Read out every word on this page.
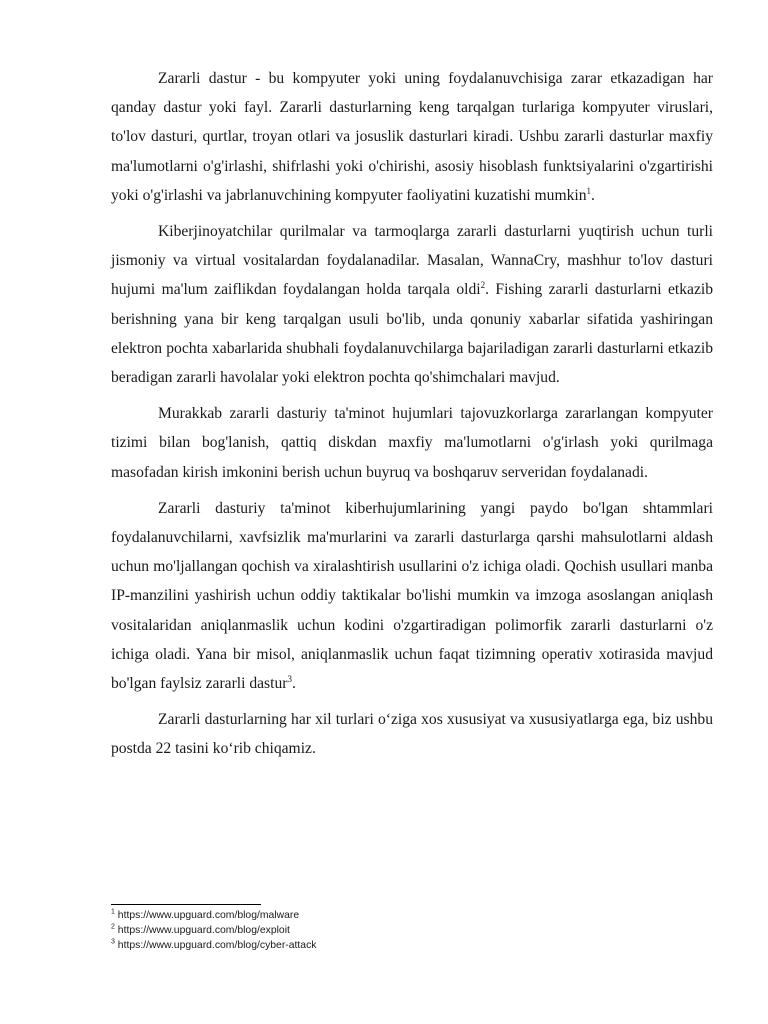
Zararli dastur - bu kompyuter yoki uning foydalanuvchisiga zarar etkazadigan har qanday dastur yoki fayl. Zararli dasturlarning keng tarqalgan turlariga kompyuter viruslari, to'lov dasturi, qurtlar, troyan otlari va josuslik dasturlari kiradi. Ushbu zararli dasturlar maxfiy ma'lumotlarni o'g'irlashi, shifrlashi yoki o'chirishi, asosiy hisoblash funktsiyalarini o'zgartirishi yoki o'g'irlashi va jabrlanuvchining kompyuter faoliyatini kuzatishi mumkin$^1$.

Kiberjinoyatchilar qurilmalar va tarmoqlarga zararli dasturlarni yuqtirish uchun turli jismoniy va virtual vositalardan foydalanadilar. Masalan, WannaCry, mashhur to'lov dasturi hujumi ma'lum zaiflikdan foydalangan holda tarqala oldi$^2$. Fishing zararli dasturlarni etkazib berishning yana bir keng tarqalgan usuli bo'lib, unda qonuniy xabarlar sifatida yashiringan elektron pochta xabarlarida shubhali foydalanuvchilarga bajariladigan zararli dasturlarni etkazib beradigan zararli havolalar yoki elektron pochta qo'shimchalari mavjud.

Murakkab zararli dasturiy ta'minot hujumlari tajovuzkorlarga zararlangan kompyuter tizimi bilan bog'lanish, qattiq diskdan maxfiy ma'lumotlarni o'g'irlash yoki qurilmaga masofadan kirish imkonini berish uchun buyruq va boshqaruv serveridan foydalanadi.

Zararli dasturiy ta'minot kiberhujumlarining yangi paydo bo'lgan shtammlari foydalanuvchilarni, xavfsizlik ma'murlarini va zararli dasturlarga qarshi mahsulotlarni aldash uchun mo'ljallangan qochish va xiralashtirish usullarini o'z ichiga oladi. Qochish usullari manba IP-manzilini yashirish uchun oddiy taktikalar bo'lishi mumkin va imzoga asoslangan aniqlash vositalaridan aniqlanmaslik uchun kodini o'zgartiradigan polimorfik zararli dasturlarni o'z ichiga oladi. Yana bir misol, aniqlanmaslik uchun faqat tizimning operativ xotirasida mavjud bo'lgan faylsiz zararli dastur$^3$.

Zararli dasturlarning har xil turlari o‘ziga xos xususiyat va xususiyatlarga ega, biz ushbu postda 22 tasini ko‘rib chiqamiz.

$^1$ https://www.upguard.com/blog/malware
$^2$ https://www.upguard.com/blog/exploit
$^3$ https://www.upguard.com/blog/cyber-attack
